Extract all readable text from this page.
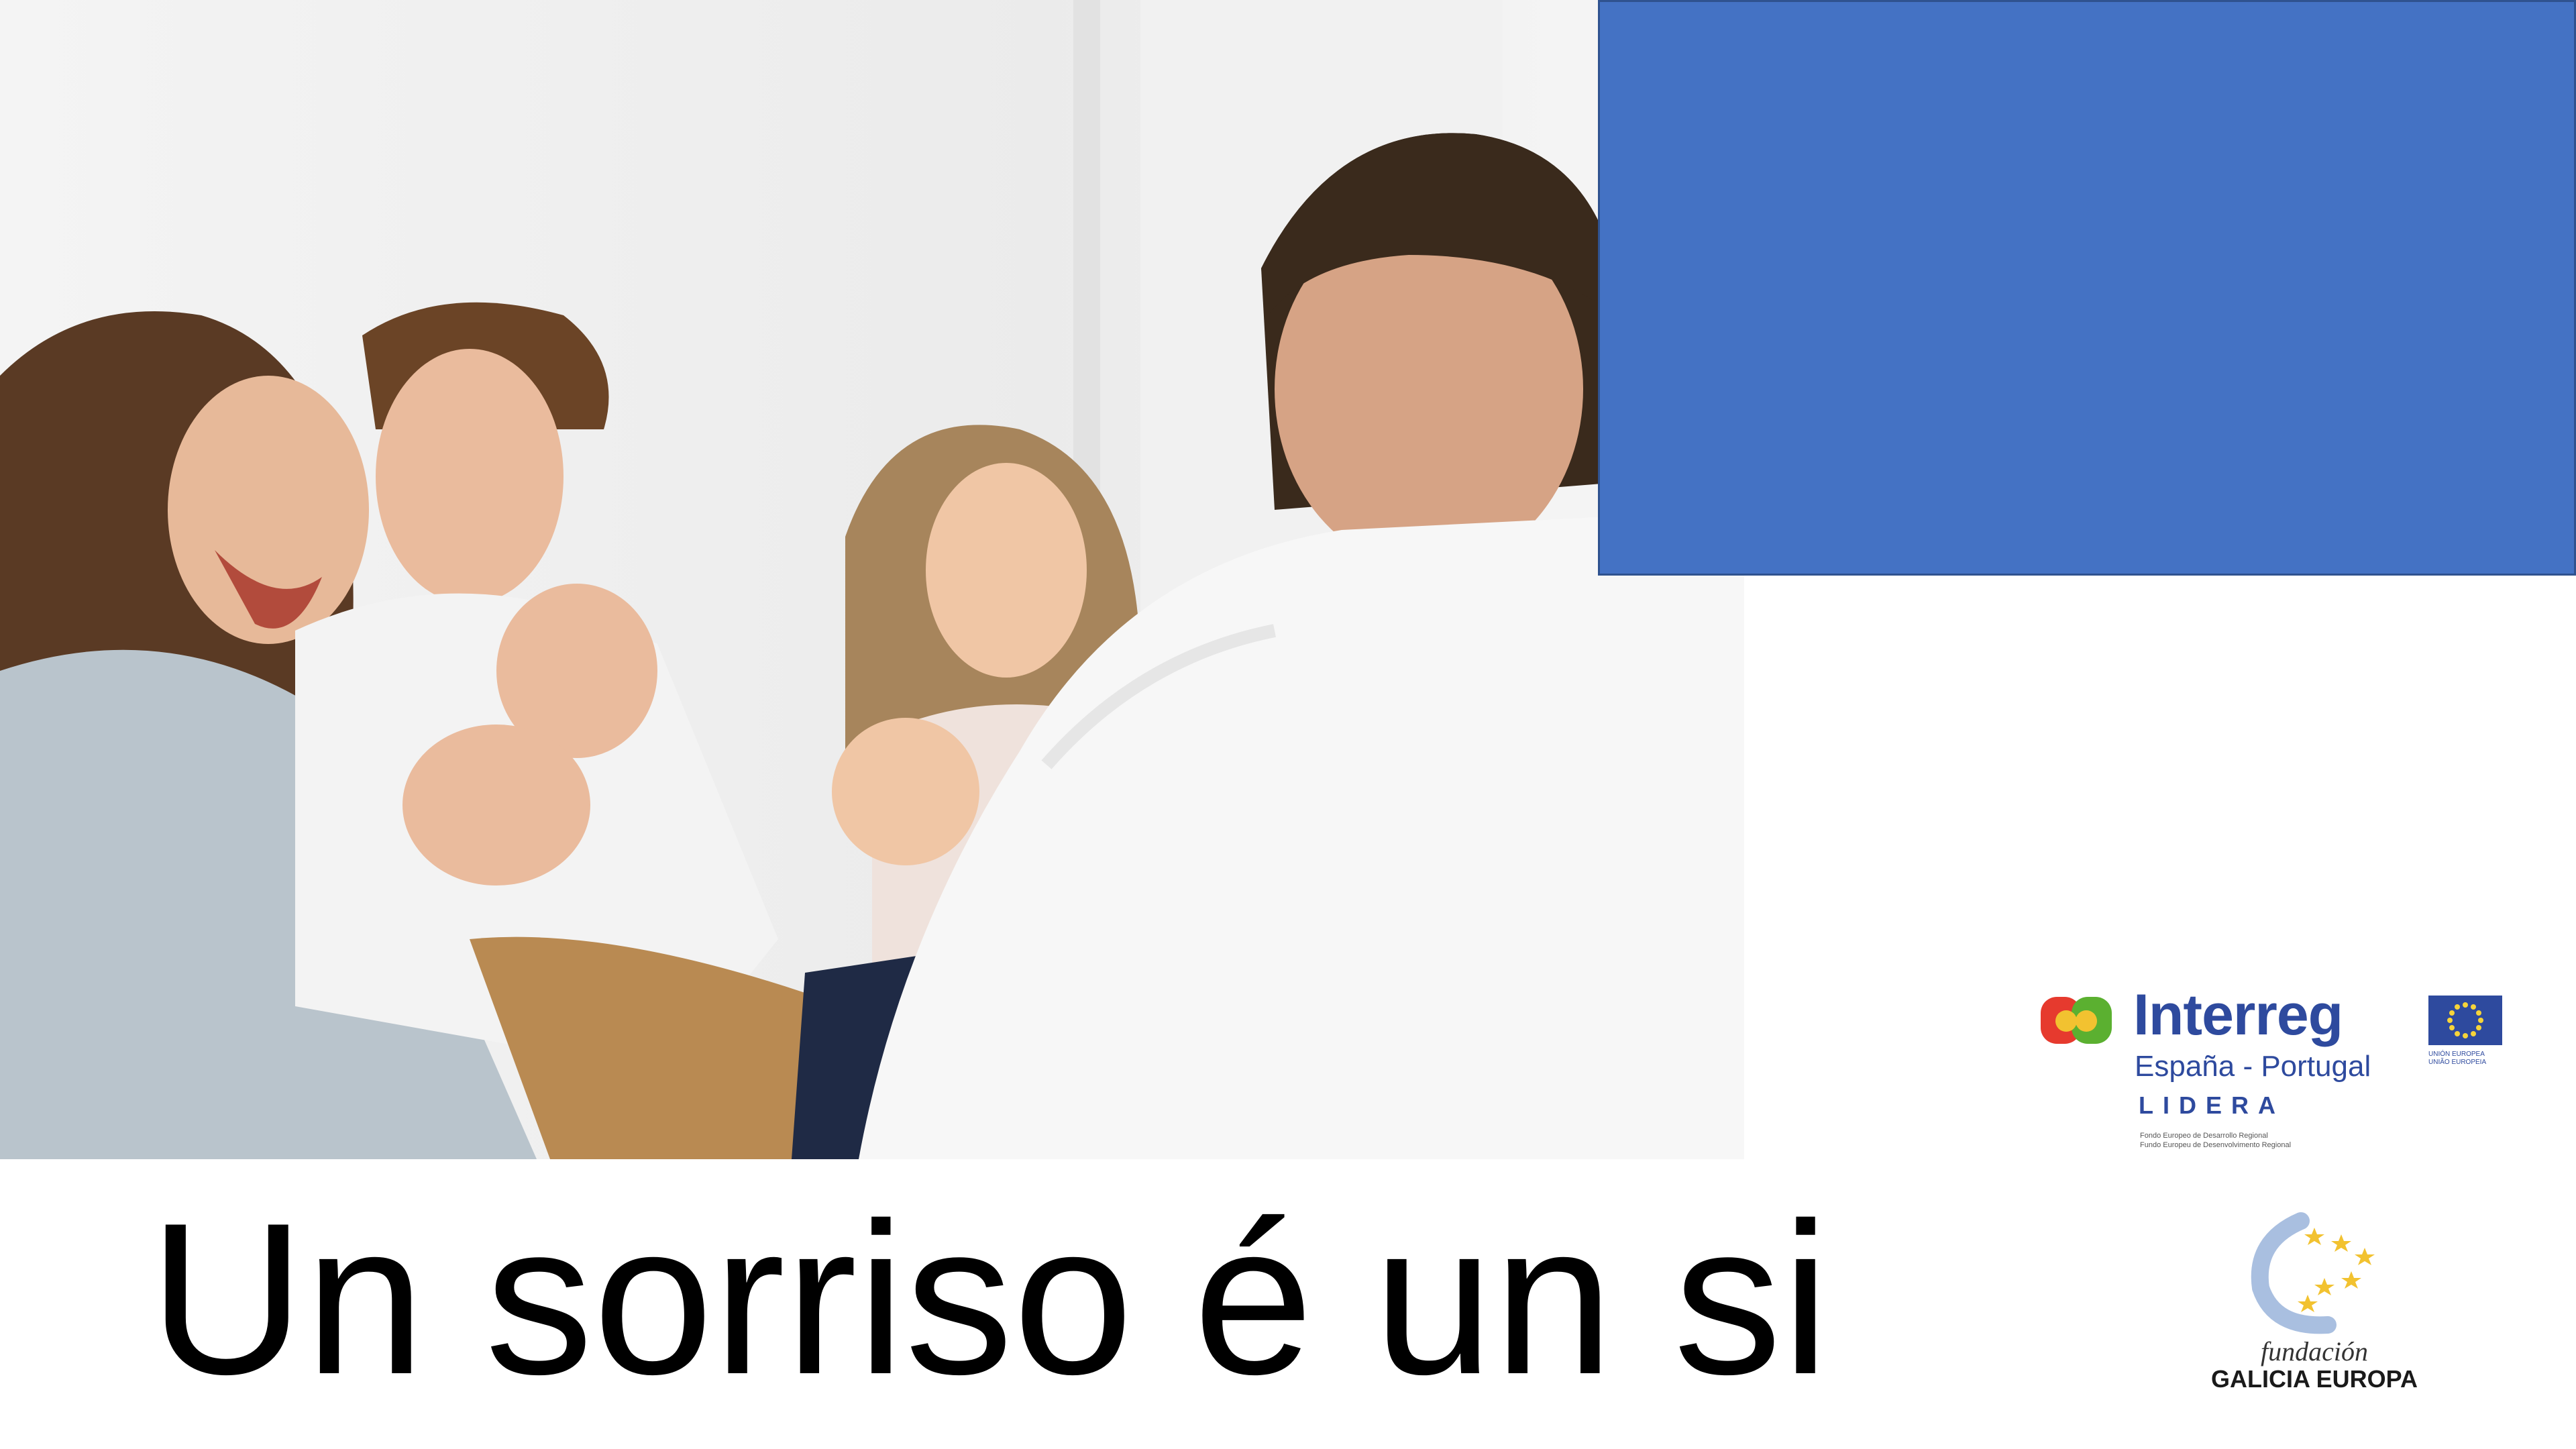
Interreg
España - Portugal
LIDERA
Fondo Europeo de Desarrollo Regional
Fundo Europeu de Desenvolvimento Regional
UNIÓN EUROPEA
UNIÃO EUROPEIA
fundación
GALICIA EUROPA
Un sorriso é un si
